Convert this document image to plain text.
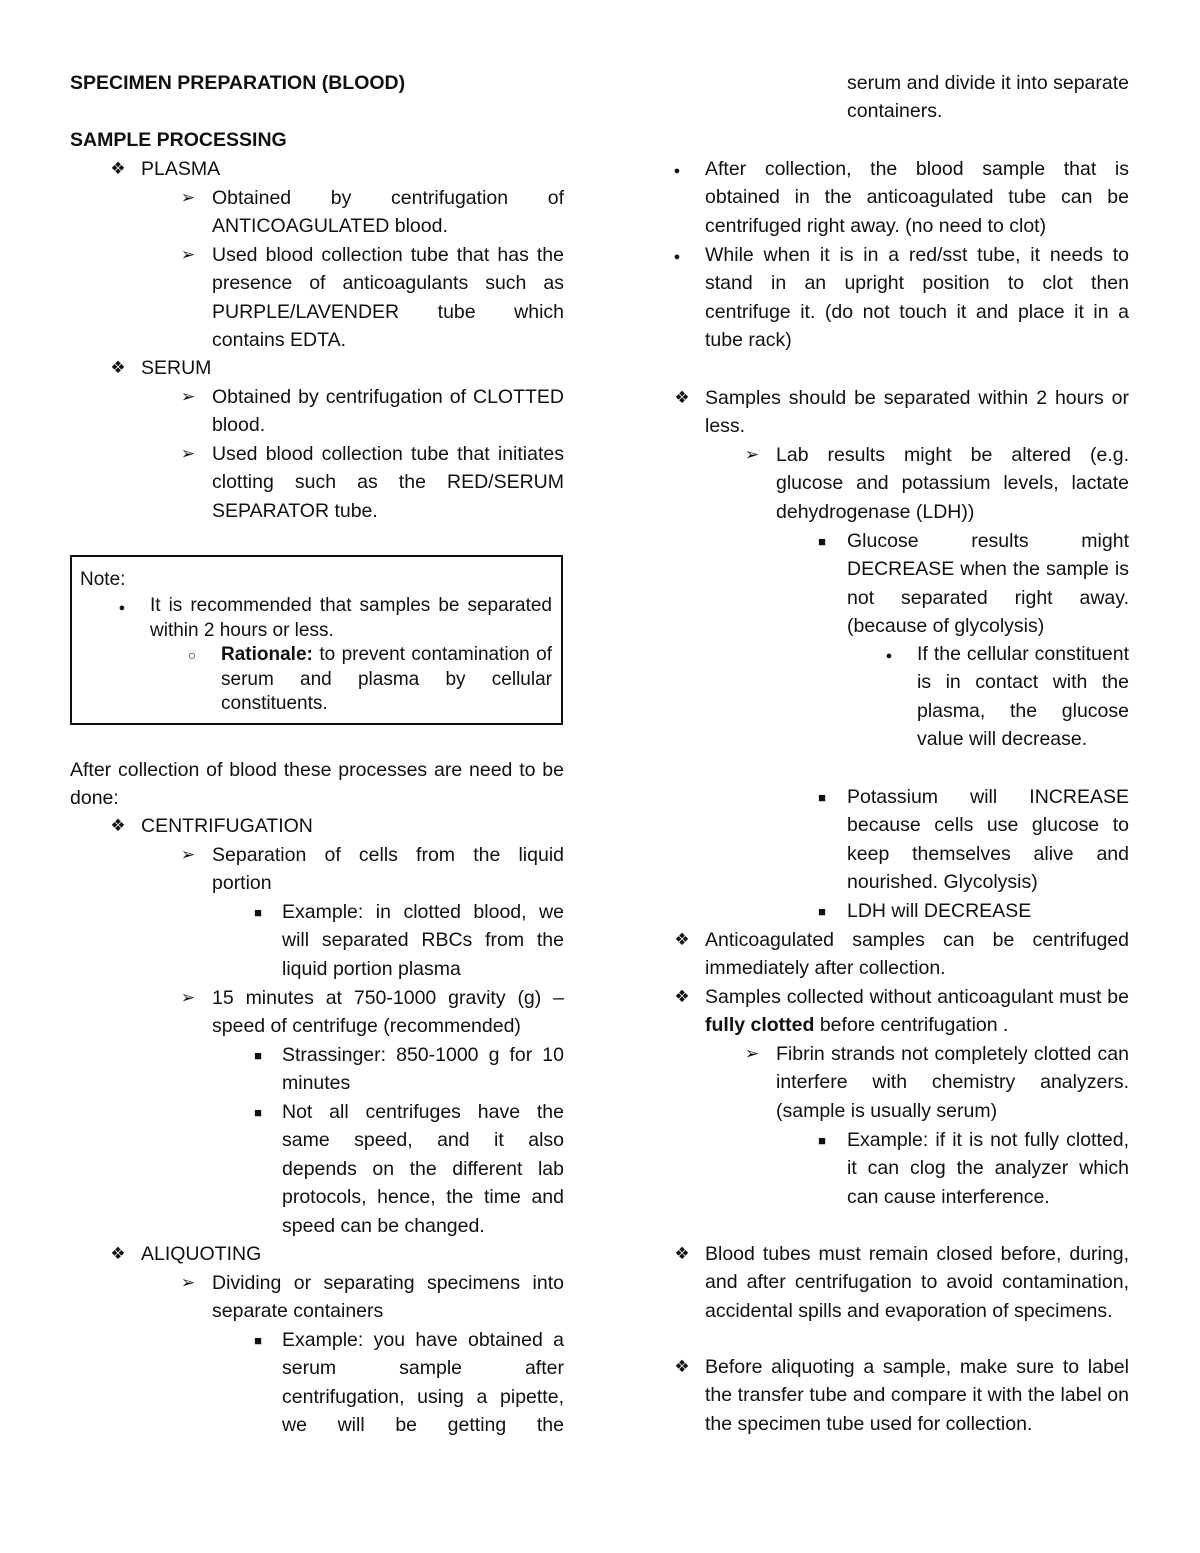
SPECIMEN PREPARATION (BLOOD)
SAMPLE PROCESSING
❖
PLASMA
➢
Obtained by centrifugation of ANTICOAGULATED blood.
➢
Used blood collection tube that has the presence of anticoagulants such as PURPLE/LAVENDER tube which contains EDTA.
❖
SERUM
➢
Obtained by centrifugation of CLOTTED blood.
➢
Used blood collection tube that initiates clotting such as the RED/SERUM SEPARATOR tube.
Note:
●
It is recommended that samples be separated within 2 hours or less.
○
Rationale: to prevent contamination of serum and plasma by cellular constituents.
After collection of blood these processes are need to be done:
❖
CENTRIFUGATION
➢
Separation of cells from the liquid portion
■
Example: in clotted blood, we will separated RBCs from the liquid portion plasma
➢
15 minutes at 750-1000 gravity (g) – speed of centrifuge (recommended)
■
Strassinger: 850-1000 g for 10 minutes
■
Not all centrifuges have the same speed, and it also depends on the different lab protocols, hence, the time and speed can be changed.
❖
ALIQUOTING
➢
Dividing or separating specimens into separate containers
■
Example: you have obtained a serum sample after centrifugation, using a pipette, we will be getting the
serum and divide it into separate containers.
●
After collection, the blood sample that is obtained in the anticoagulated tube can be centrifuged right away. (no need to clot)
●
While when it is in a red/sst tube, it needs to stand in an upright position to clot then centrifuge it. (do not touch it and place it in a tube rack)
❖
Samples should be separated within 2 hours or less.
➢
Lab results might be altered (e.g. glucose and potassium levels, lactate dehydrogenase (LDH))
■
Glucose results might DECREASE when the sample is not separated right away. (because of glycolysis)
●
If the cellular constituent is in contact with the plasma, the glucose value will decrease.
■
Potassium will INCREASE because cells use glucose to keep themselves alive and nourished. Glycolysis)
■
LDH will DECREASE
❖
Anticoagulated samples can be centrifuged immediately after collection.
❖
Samples collected without anticoagulant must be fully clotted before centrifugation .
➢
Fibrin strands not completely clotted can interfere with chemistry analyzers. (sample is usually serum)
■
Example: if it is not fully clotted, it can clog the analyzer which can cause interference.
❖
Blood tubes must remain closed before, during, and after centrifugation to avoid contamination, accidental spills and evaporation of specimens.
❖
Before aliquoting a sample, make sure to label the transfer tube and compare it with the label on the specimen tube used for collection.
